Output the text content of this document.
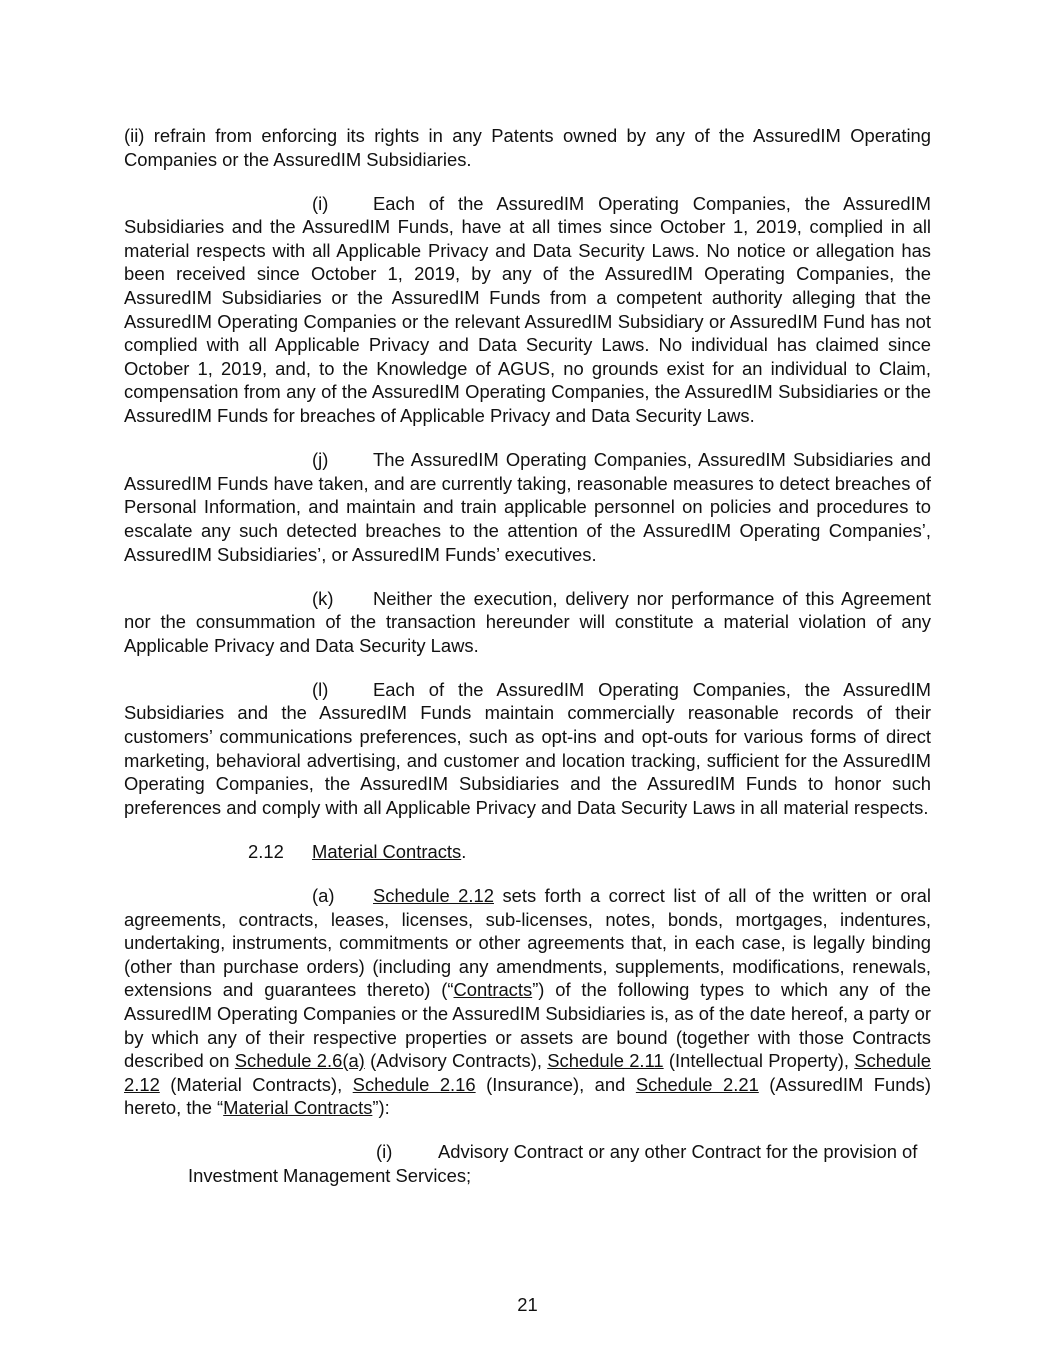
(ii) refrain from enforcing its rights in any Patents owned by any of the AssuredIM Operating Companies or the AssuredIM Subsidiaries.

(i) Each of the AssuredIM Operating Companies, the AssuredIM Subsidiaries and the AssuredIM Funds, have at all times since October 1, 2019, complied in all material respects with all Applicable Privacy and Data Security Laws. No notice or allegation has been received since October 1, 2019, by any of the AssuredIM Operating Companies, the AssuredIM Subsidiaries or the AssuredIM Funds from a competent authority alleging that the AssuredIM Operating Companies or the relevant AssuredIM Subsidiary or AssuredIM Fund has not complied with all Applicable Privacy and Data Security Laws. No individual has claimed since October 1, 2019, and, to the Knowledge of AGUS, no grounds exist for an individual to Claim, compensation from any of the AssuredIM Operating Companies, the AssuredIM Subsidiaries or the AssuredIM Funds for breaches of Applicable Privacy and Data Security Laws.

(j) The AssuredIM Operating Companies, AssuredIM Subsidiaries and AssuredIM Funds have taken, and are currently taking, reasonable measures to detect breaches of Personal Information, and maintain and train applicable personnel on policies and procedures to escalate any such detected breaches to the attention of the AssuredIM Operating Companies’, AssuredIM Subsidiaries’, or AssuredIM Funds’ executives.

(k) Neither the execution, delivery nor performance of this Agreement nor the consummation of the transaction hereunder will constitute a material violation of any Applicable Privacy and Data Security Laws.

(l) Each of the AssuredIM Operating Companies, the AssuredIM Subsidiaries and the AssuredIM Funds maintain commercially reasonable records of their customers’ communications preferences, such as opt-ins and opt-outs for various forms of direct marketing, behavioral advertising, and customer and location tracking, sufficient for the AssuredIM Operating Companies, the AssuredIM Subsidiaries and the AssuredIM Funds to honor such preferences and comply with all Applicable Privacy and Data Security Laws in all material respects.

2.12 Material Contracts.

(a) Schedule 2.12 sets forth a correct list of all of the written or oral agreements, contracts, leases, licenses, sub-licenses, notes, bonds, mortgages, indentures, undertaking, instruments, commitments or other agreements that, in each case, is legally binding (other than purchase orders) (including any amendments, supplements, modifications, renewals, extensions and guarantees thereto) (“Contracts”) of the following types to which any of the AssuredIM Operating Companies or the AssuredIM Subsidiaries is, as of the date hereof, a party or by which any of their respective properties or assets are bound (together with those Contracts described on Schedule 2.6(a) (Advisory Contracts), Schedule 2.11 (Intellectual Property), Schedule 2.12 (Material Contracts), Schedule 2.16 (Insurance), and Schedule 2.21 (AssuredIM Funds) hereto, the “Material Contracts”):

(i) Advisory Contract or any other Contract for the provision of
Investment Management Services;
21
